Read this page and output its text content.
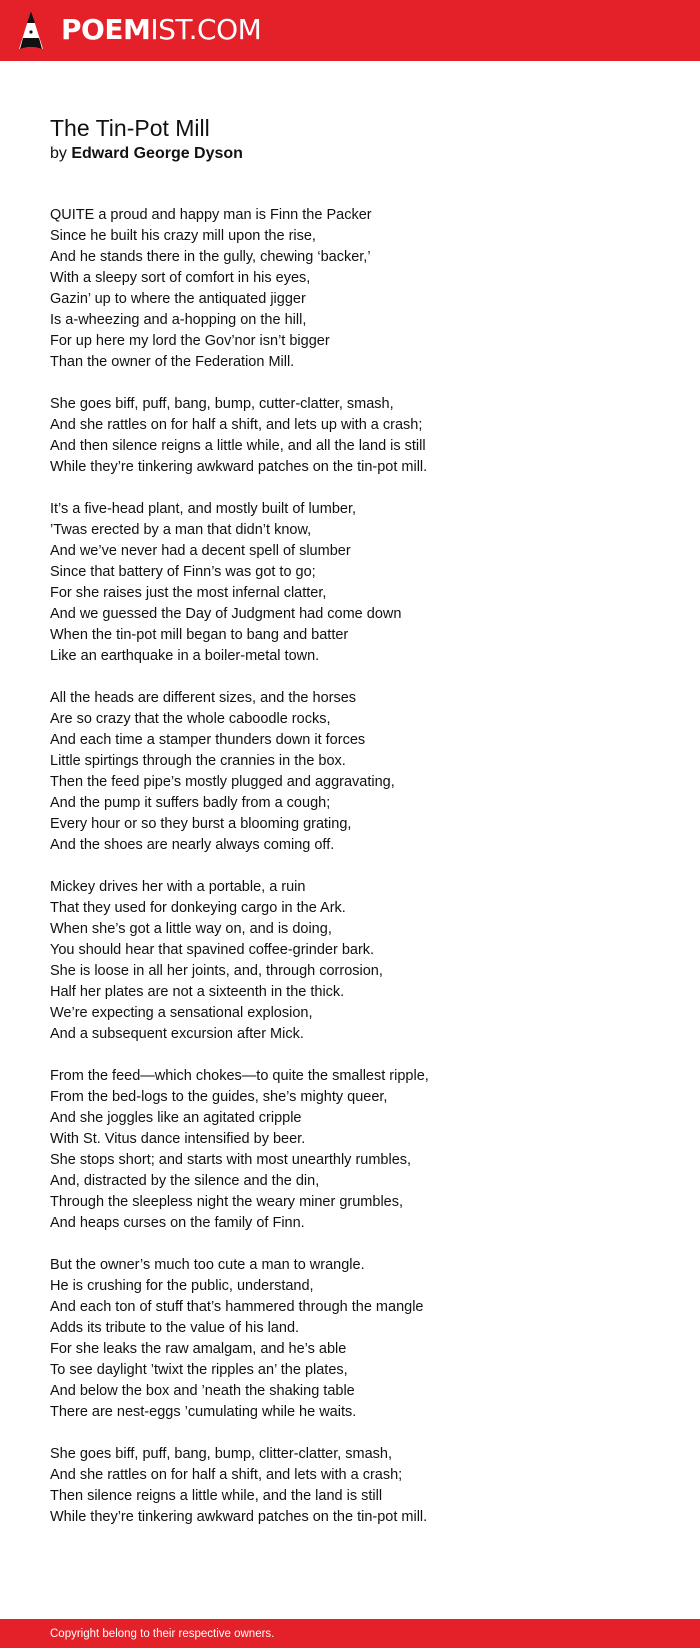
POEMIST.COM
The Tin-Pot Mill
by Edward George Dyson
QUITE a proud and happy man is Finn the Packer
Since he built his crazy mill upon the rise,
And he stands there in the gully, chewing ‘backer,’
With a sleepy sort of comfort in his eyes,
Gazin’ up to where the antiquated jigger
Is a-wheezing and a-hopping on the hill,
For up here my lord the Gov’nor isn’t bigger
Than the owner of the Federation Mill.
She goes biff, puff, bang, bump, cutter-clatter, smash,
And she rattles on for half a shift, and lets up with a crash;
And then silence reigns a little while, and all the land is still
While they’re tinkering awkward patches on the tin-pot mill.
It’s a five-head plant, and mostly built of lumber,
’Twas erected by a man that didn’t know,
And we’ve never had a decent spell of slumber
Since that battery of Finn’s was got to go;
For she raises just the most infernal clatter,
And we guessed the Day of Judgment had come down
When the tin-pot mill began to bang and batter
Like an earthquake in a boiler-metal town.
All the heads are different sizes, and the horses
Are so crazy that the whole caboodle rocks,
And each time a stamper thunders down it forces
Little spirtings through the crannies in the box.
Then the feed pipe’s mostly plugged and aggravating,
And the pump it suffers badly from a cough;
Every hour or so they burst a blooming grating,
And the shoes are nearly always coming off.
Mickey drives her with a portable, a ruin
That they used for donkeying cargo in the Ark.
When she’s got a little way on, and is doing,
You should hear that spavined coffee-grinder bark.
She is loose in all her joints, and, through corrosion,
Half her plates are not a sixteenth in the thick.
We’re expecting a sensational explosion,
And a subsequent excursion after Mick.
From the feed—which chokes—to quite the smallest ripple,
From the bed-logs to the guides, she’s mighty queer,
And she joggles like an agitated cripple
With St. Vitus dance intensified by beer.
She stops short; and starts with most unearthly rumbles,
And, distracted by the silence and the din,
Through the sleepless night the weary miner grumbles,
And heaps curses on the family of Finn.
But the owner’s much too cute a man to wrangle.
He is crushing for the public, understand,
And each ton of stuff that’s hammered through the mangle
Adds its tribute to the value of his land.
For she leaks the raw amalgam, and he’s able
To see daylight ’twixt the ripples an’ the plates,
And below the box and ’neath the shaking table
There are nest-eggs ’cumulating while he waits.
She goes biff, puff, bang, bump, clitter-clatter, smash,
And she rattles on for half a shift, and lets with a crash;
Then silence reigns a little while, and the land is still
While they’re tinkering awkward patches on the tin-pot mill.
Copyright belong to their respective owners.
